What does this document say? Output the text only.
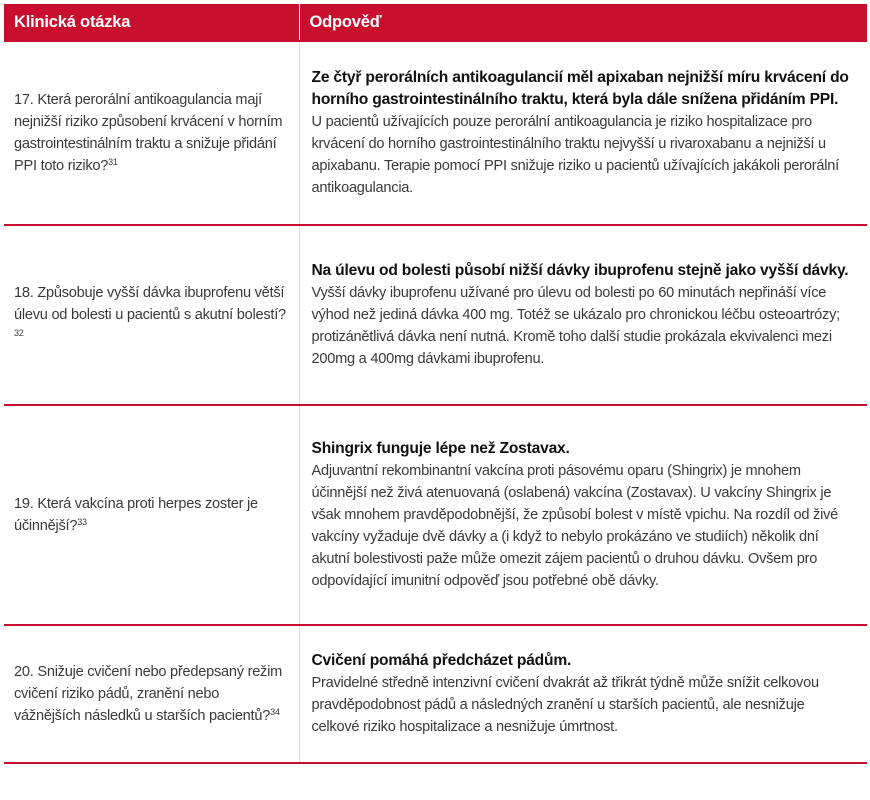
Klinická otázka	Odpověď
17. Která perorální antikoagulancia mají nejnižší riziko způsobení krvácení v horním gastrointestinálním traktu a snižuje přidání PPI toto riziko?$^{31}$	Ze čtyř perorálních antikoagulancií měl apixaban nejnižší míru krvácení do horního gastrointestinálního traktu, která byla dále snížena přidáním PPI.

U pacientů užívajících pouze perorální antikoagulancia je riziko hospitalizace pro krvácení do horního gastrointestinálního traktu nejvyšší u rivaroxabanu a nejnižší u apixabanu. Terapie pomocí PPI snižuje riziko u pacientů užívajících jakákoli perorální antikoagulancia.

18. Způsobuje vyšší dávka ibuprofenu větší úlevu od bolesti u pacientů s akutní bolestí?$^{32}$	Na úlevu od bolesti působí nižší dávky ibuprofenu stejně jako vyšší dávky.

Vyšší dávky ibuprofenu užívané pro úlevu od bolesti po 60 minutách nepřináší více výhod než jediná dávka 400 mg. Totéž se ukázalo pro chronickou léčbu osteoartrózy; protizánětlivá dávka není nutná. Kromě toho další studie prokázala ekvivalenci mezi 200mg a 400mg dávkami ibuprofenu.

19. Která vakcína proti herpes zoster je účinnější?$^{33}$	Shingrix funguje lépe než Zostavax.

Adjuvantní rekombinantní vakcína proti pásovému oparu (Shingrix) je mnohem účinnější než živá atenuovaná (oslabená) vakcína (Zostavax). U vakcíny Shingrix je však mnohem pravděpodobnější, že způsobí bolest v místě vpichu. Na rozdíl od živé vakcíny vyžaduje dvě dávky a (i když to nebylo prokázáno ve studiích) několik dní akutní bolestivosti paže může omezit zájem pacientů o druhou dávku. Ovšem pro odpovídající imunitní odpověď jsou potřebné obě dávky.

20. Snižuje cvičení nebo předepsaný režim cvičení riziko pádů, zranění nebo vážnějších následků u starších pacientů?$^{34}$	Cvičení pomáhá předcházet pádům.

Pravidelné středně intenzivní cvičení dvakrát až třikrát týdně může snížit celkovou pravděpodobnost pádů a následných zranění u starších pacientů, ale nesnižuje celkové riziko hospitalizace a nesnižuje úmrtnost.
